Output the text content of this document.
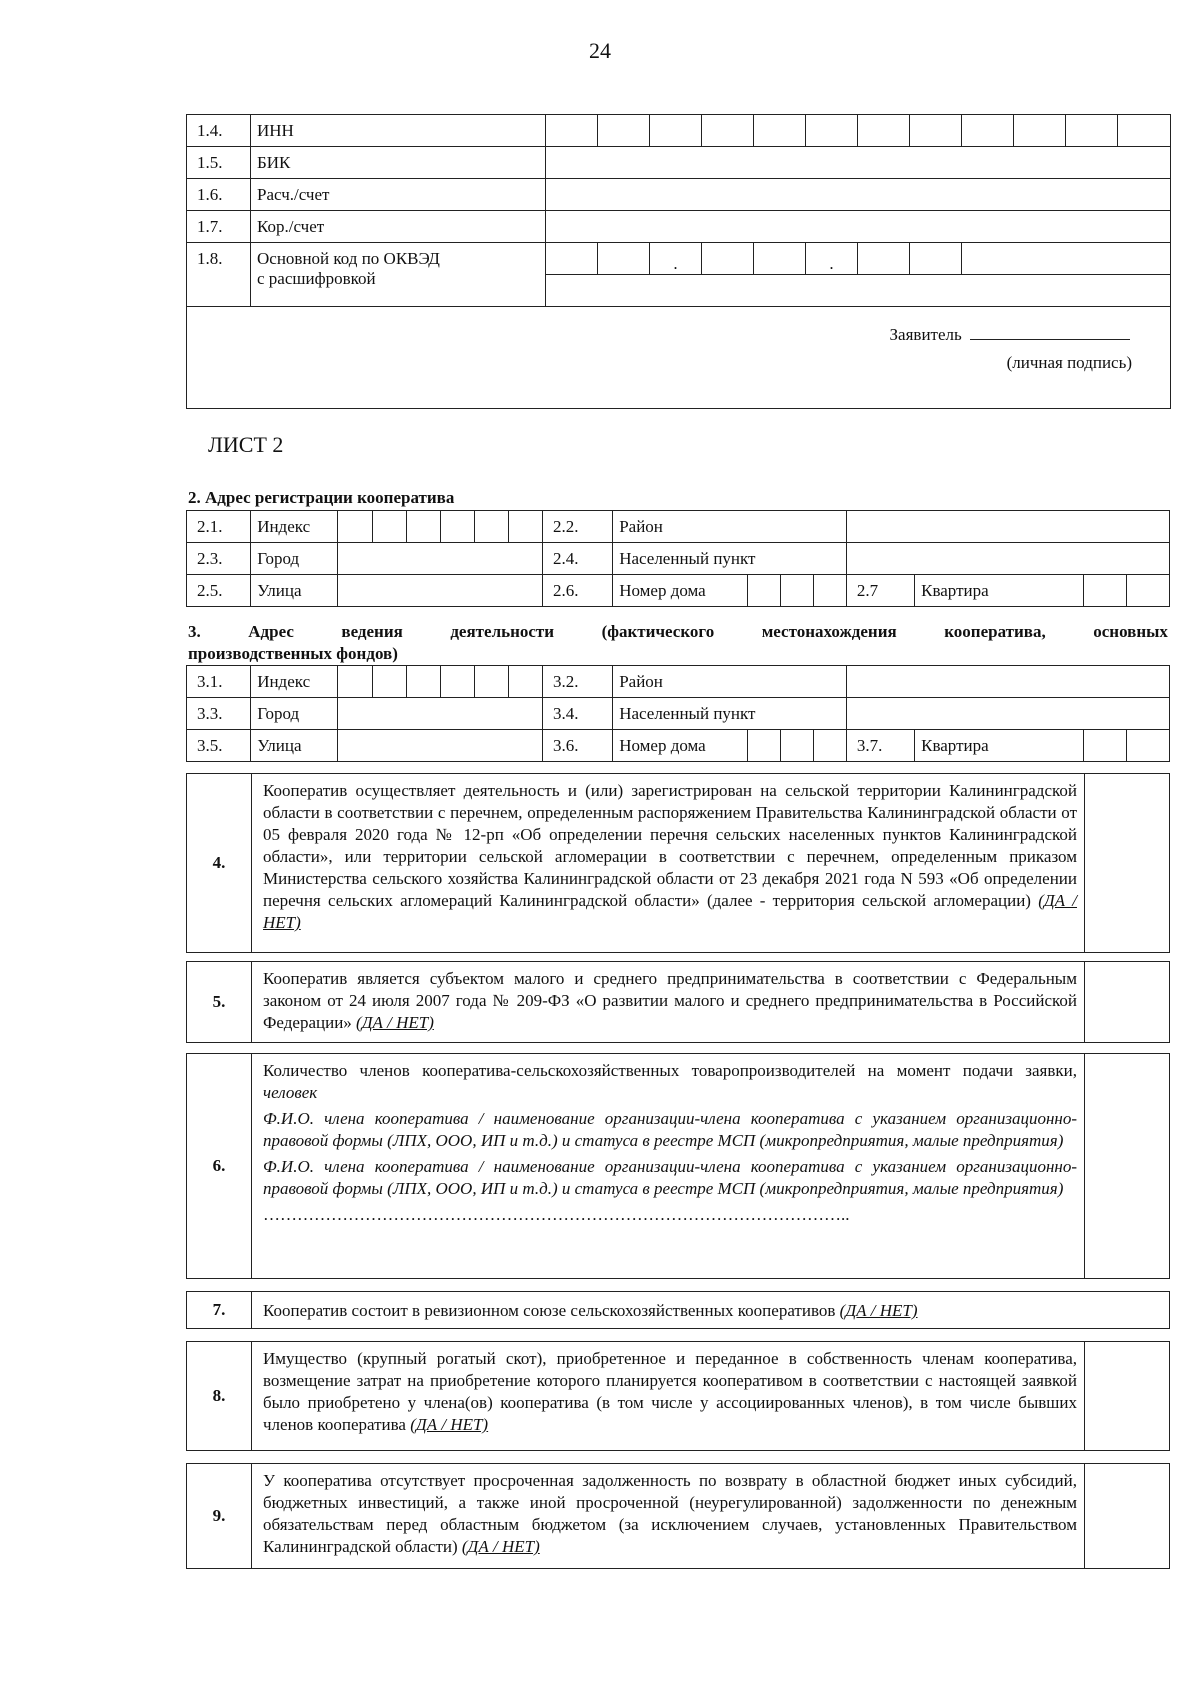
24
1.4.	ИНН												
1.5.	БИК												
1.6.	Расч./счет												
1.7.	Кор./счет												
1.8.	Основной код по ОКВЭД
с расшифровкой			.			.						

Заявитель
(личная подпись)													
ЛИСТ 2
2. Адрес регистрации кооператива
2.1.	Индекс							2.2.	Район							
2.3.	Город							2.4.	Населенный пункт							
2.5.	Улица							2.6.	Номер дома				2.7	Квартира		
3.	Адрес	ведения	деятельности	(фактического	местонахождения	кооператива,	основных
производственных фондов)
3.1.	Индекс							3.2.	Район							
3.3.	Город							3.4.	Населенный пункт							
3.5.	Улица							3.6.	Номер дома				3.7.	Квартира		
4.
Кооператив осуществляет деятельность и (или) зарегистрирован на сельской территории Калининградской области в соответствии с перечнем, определенным распоряжением Правительства Калининградской области от 05 февраля 2020 года № 12-рп «Об определении перечня сельских населенных пунктов Калининградской области», или территории сельской агломерации в соответствии с перечнем, определенным приказом Министерства сельского хозяйства Калининградской области от 23 декабря 2021 года N 593 «Об определении перечня сельских агломераций Калининградской области» (далее - территория сельской агломерации) (ДА / НЕТ)
5.
Кооператив является субъектом малого и среднего предпринимательства в соответствии с Федеральным законом от 24 июля 2007 года № 209-ФЗ «О развитии малого и среднего предпринимательства в Российской Федерации» (ДА / НЕТ)
6.

Количество членов кооператива-сельскохозяйственных товаропроизводителей на момент подачи заявки, человек

Ф.И.О. члена кооператива / наименование организации-члена кооператива с указанием организационно-правовой формы (ЛПХ, ООО, ИП и т.д.) и статуса в реестре МСП (микропредприятия, малые предприятия)

Ф.И.О. члена кооператива / наименование организации-члена кооператива с указанием организационно-правовой формы (ЛПХ, ООО, ИП и т.д.) и статуса в реестре МСП (микропредприятия, малые предприятия)

…………………………………………………………………………………………..

7.	Кооператив состоит в ревизионном союзе сельскохозяйственных кооперативов (ДА / НЕТ)
8.
Имущество (крупный рогатый скот), приобретенное и переданное в собственность членам кооператива, возмещение затрат на приобретение которого планируется кооперативом в соответствии с настоящей заявкой было приобретено у члена(ов) кооператива (в том числе у ассоциированных членов), в том числе бывших членов кооператива (ДА / НЕТ)
9.
У кооператива отсутствует просроченная задолженность по возврату в областной бюджет иных субсидий, бюджетных инвестиций, а также иной просроченной (неурегулированной) задолженности по денежным обязательствам перед областным бюджетом (за исключением случаев, установленных Правительством Калининградской области) (ДА / НЕТ)
